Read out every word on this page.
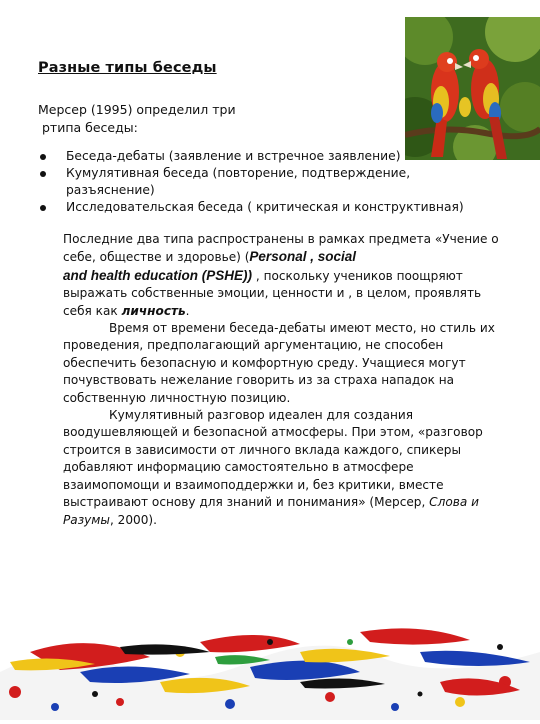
Разные типы беседы
Мерсер (1995) определил три
ртипа беседы:
Беседа-дебаты (заявление и встречное заявление)
Кумулятивная беседа (повторение, подтверждение,
разъяснение)
Исследовательская беседа ( критическая и конструктивная)

Последние два типа распространены в рамках предмета «Учение о себе, обществе и здоровье) (Personal , social
and health education (PSHE)) , поскольку учеников поощряют выражать собственные эмоции, ценности и , в целом, проявлять себя как личность.

Время от времени беседа-дебаты имеют место, но стиль их проведения, предполагающий аргументацию, не способен обеспечить безопасную и комфортную среду. Учащиеся могут почувствовать нежелание говорить из за страха нападок на собственную личностную позицию.

Кумулятивный разговор идеален для создания воодушевляющей и безопасной атмосферы. При этом, «разговор строится в зависимости от личного вклада каждого, спикеры добавляют информацию самостоятельно в атмосфере взаимопомощи и взаимоподдержки и, без критики, вместе выстраивают основу для знаний и понимания» (Мерсер, Слова и Разумы, 2000).
